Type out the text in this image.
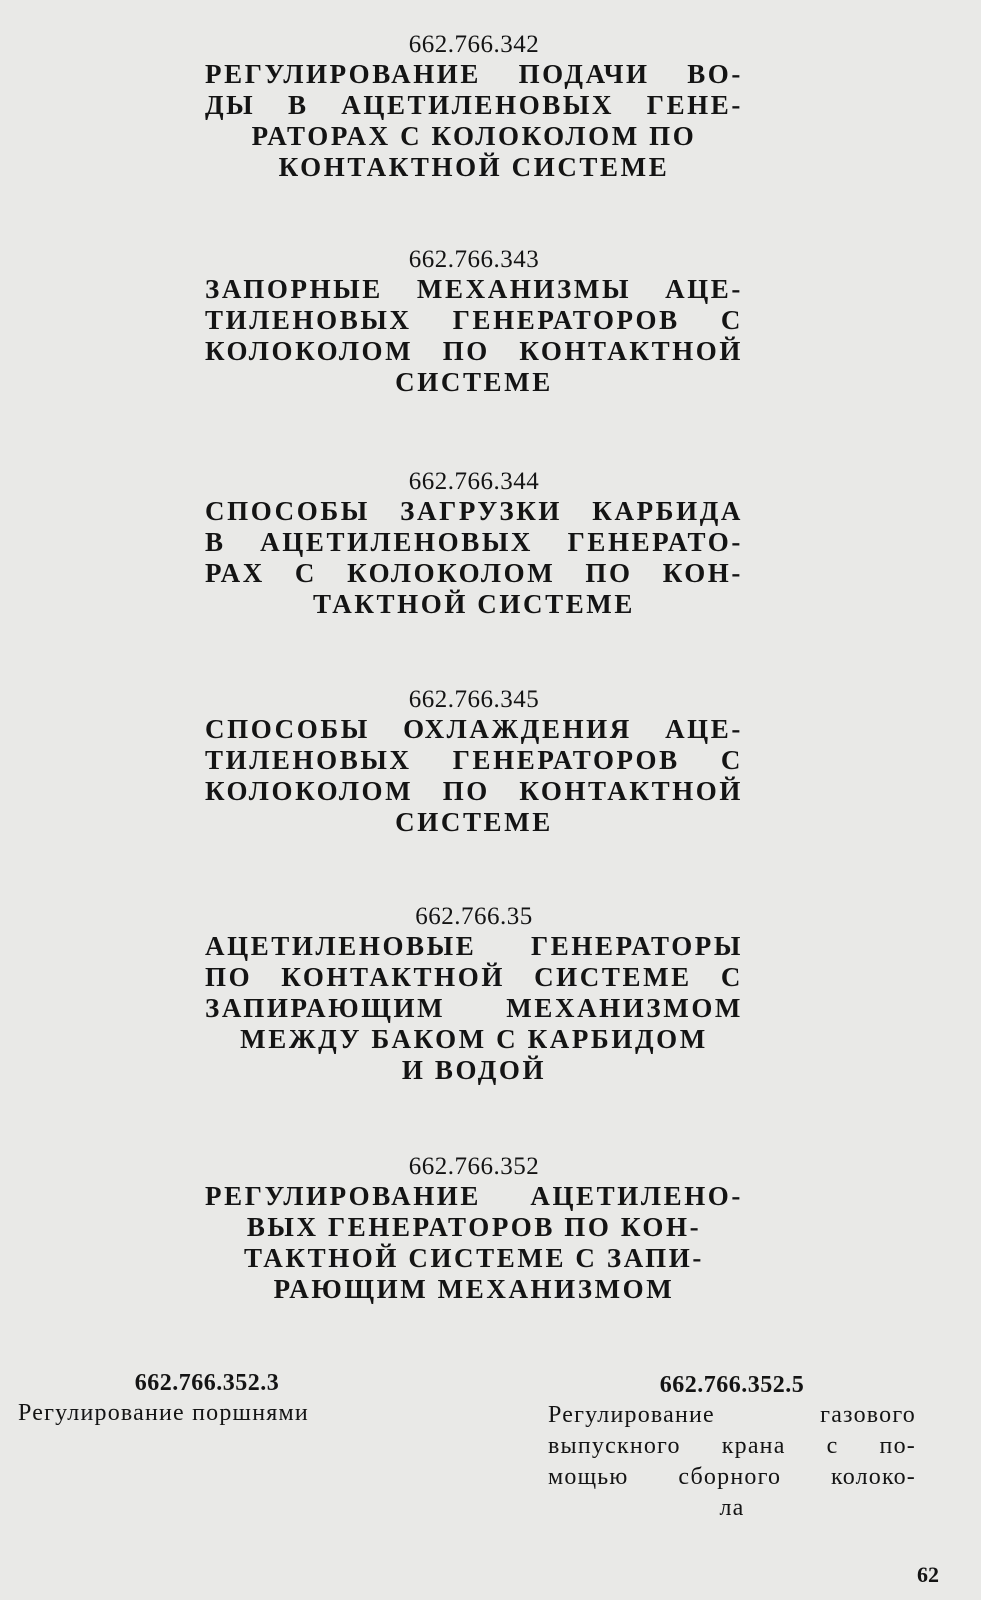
662.766.342

РЕГУЛИРОВАНИЕ ПОДАЧИ ВО-
ДЫ В АЦЕТИЛЕНОВЫХ ГЕНЕ-
РАТОРАХ С КОЛОКОЛОМ ПО
КОНТАКТНОЙ СИСТЕМЕ

662.766.343

ЗАПОРНЫЕ МЕХАНИЗМЫ АЦЕ-
ТИЛЕНОВЫХ ГЕНЕРАТОРОВ С
КОЛОКОЛОМ ПО КОНТАКТНОЙ
СИСТЕМЕ

662.766.344

СПОСОБЫ ЗАГРУЗКИ КАРБИДА
В АЦЕТИЛЕНОВЫХ ГЕНЕРАТО-
РАХ С КОЛОКОЛОМ ПО КОН-
ТАКТНОЙ СИСТЕМЕ

662.766.345

СПОСОБЫ ОХЛАЖДЕНИЯ АЦЕ-
ТИЛЕНОВЫХ ГЕНЕРАТОРОВ С
КОЛОКОЛОМ ПО КОНТАКТНОЙ
СИСТЕМЕ

662.766.35

АЦЕТИЛЕНОВЫЕ ГЕНЕРАТОРЫ
ПО КОНТАКТНОЙ СИСТЕМЕ С
ЗАПИРАЮЩИМ МЕХАНИЗМОМ
МЕЖДУ БАКОМ С КАРБИДОМ
И ВОДОЙ

662.766.352

РЕГУЛИРОВАНИЕ АЦЕТИЛЕНО-
ВЫХ ГЕНЕРАТОРОВ ПО КОН-
ТАКТНОЙ СИСТЕМЕ С ЗАПИ-
РАЮЩИМ МЕХАНИЗМОМ

662.766.352.3
Регулирование поршнями
662.766.352.5
Регулирование газового
выпускного крана с по-
мощью сборного колоко-
ла
62
